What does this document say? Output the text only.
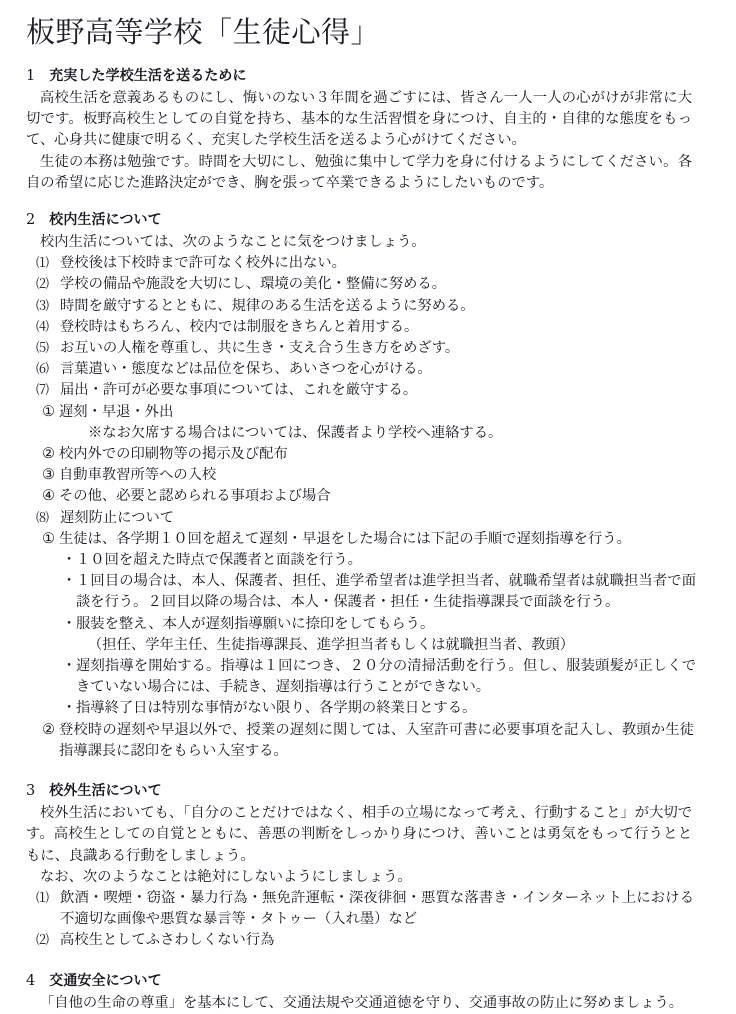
板野高等学校「生徒心得」
1 充実した学校生活を送るために

高校生活を意義あるものにし、悔いのない３年間を過ごすには、皆さん一人一人の心がけが非常に大切です。板野高校生としての自覚を持ち、基本的な生活習慣を身につけ、自主的・自律的な態度をもって、心身共に健康で明るく、充実した学校生活を送るよう心がけてください。

生徒の本務は勉強です。時間を大切にし、勉強に集中して学力を身に付けるようにしてください。各自の希望に応じた進路決定ができ、胸を張って卒業できるようにしたいものです。

2 校内生活について

校内生活については、次のようなことに気をつけましょう。

⑴ 登校後は下校時まで許可なく校外に出ない。
⑵ 学校の備品や施設を大切にし、環境の美化・整備に努める。
⑶ 時間を厳守するとともに、規律のある生活を送るように努める。
⑷ 登校時はもちろん、校内では制服をきちんと着用する。
⑸ お互いの人権を尊重し、共に生き・支え合う生き方をめざす。
⑹ 言葉遣い・態度などは品位を保ち、あいさつを心がける。
⑺ 届出・許可が必要な事項については、これを厳守する。
① 遅刻・早退・外出
※なお欠席する場合はについては、保護者より学校へ連絡する。
② 校内外での印刷物等の掲示及び配布
③ 自動車教習所等への入校
④ その他、必要と認められる事項および場合
⑻ 遅刻防止について
① 生徒は、各学期１０回を超えて遅刻・早退をした場合には下記の手順で遅刻指導を行う。
・ １０回を超えた時点で保護者と面談を行う。
・ １回目の場合は、本人、保護者、担任、進学希望者は進学担当者、就職希望者は就職担当者で面談を行う。２回目以降の場合は、本人・保護者・担任・生徒指導課長で面談を行う。
・ 服装を整え、本人が遅刻指導願いに捺印をしてもらう。
（担任、学年主任、生徒指導課長、進学担当者もしくは就職担当者、教頭）
・ 遅刻指導を開始する。指導は１回につき、２０分の清掃活動を行う。但し、服装頭髪が正しくできていない場合には、手続き、遅刻指導は行うことができない。
・ 指導終了日は特別な事情がない限り、各学期の終業日とする。
② 登校時の遅刻や早退以外で、授業の遅刻に関しては、入室許可書に必要事項を記入し、教頭か生徒指導課長に認印をもらい入室する。
3 校外生活について

校外生活においても、「自分のことだけではなく、相手の立場になって考え、行動すること」が大切です。高校生としての自覚とともに、善悪の判断をしっかり身につけ、善いことは勇気をもって行うとともに、良識ある行動をしましょう。

なお、次のようなことは絶対にしないようにしましょう。

⑴ 飲酒・喫煙・窃盗・暴力行為・無免許運転・深夜徘徊・悪質な落書き・インターネット上における不適切な画像や悪質な暴言等・タトゥー（入れ墨）など
⑵ 高校生としてふさわしくない行為
4 交通安全について

「自他の生命の尊重」を基本にして、交通法規や交通道徳を守り、交通事故の防止に努めましょう。
